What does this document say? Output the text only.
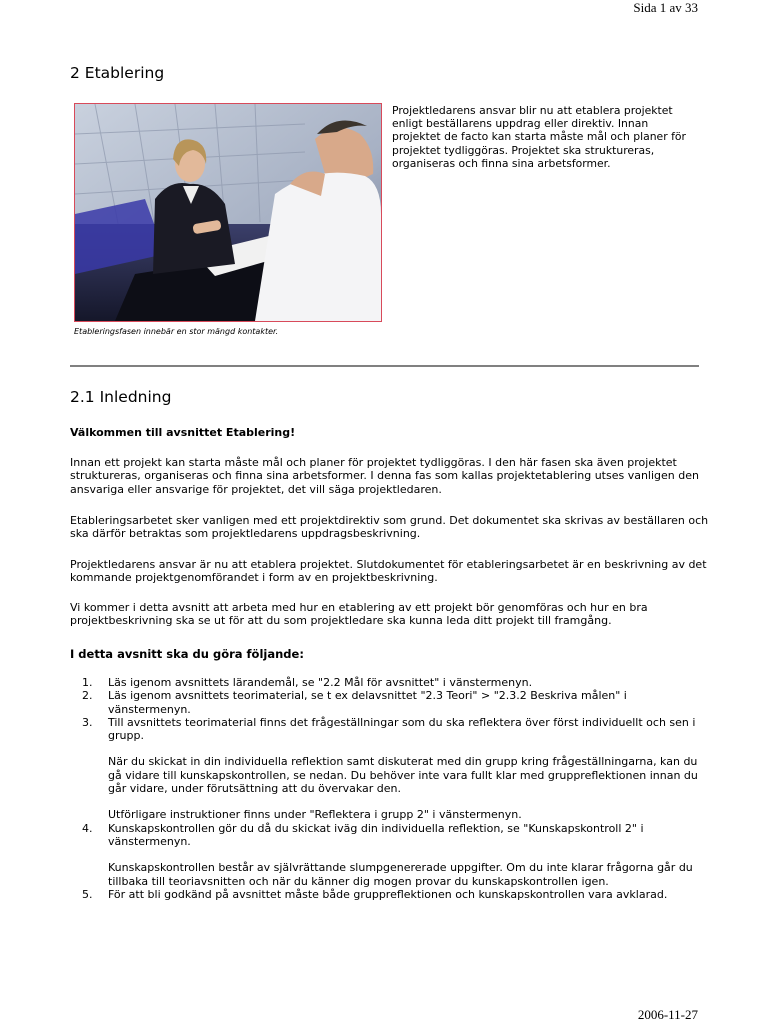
Sida 1 av 33
2 Etablering
Etableringsfasen innebär en stor mängd kontakter.

Projektledarens ansvar blir nu att etablera projektet enligt beställarens uppdrag eller direktiv. Innan projektet de facto kan starta måste mål och planer för projektet tydliggöras. Projektet ska struktureras, organiseras och finna sina arbetsformer.

2.1 Inledning

Välkommen till avsnittet Etablering!

Innan ett projekt kan starta måste mål och planer för projektet tydliggöras. I den här fasen ska även projektet struktureras, organiseras och finna sina arbetsformer. I denna fas som kallas projektetablering utses vanligen den ansvariga eller ansvarige för projektet, det vill säga projektledaren.

Etableringsarbetet sker vanligen med ett projektdirektiv som grund. Det dokumentet ska skrivas av beställaren och ska därför betraktas som projektledarens uppdragsbeskrivning.

Projektledarens ansvar är nu att etablera projektet. Slutdokumentet för etableringsarbetet är en beskrivning av det kommande projektgenomförandet i form av en projektbeskrivning.

Vi kommer i detta avsnitt att arbeta med hur en etablering av ett projekt bör genomföras och hur en bra projektbeskrivning ska se ut för att du som projektledare ska kunna leda ditt projekt till framgång.

I detta avsnitt ska du göra följande:

1. Läs igenom avsnittets lärandemål, se "2.2 Mål för avsnittet" i vänstermenyn.

2. Läs igenom avsnittets teorimaterial, se t ex delavsnittet "2.3 Teori" > "2.3.2 Beskriva målen" i vänstermenyn.

3. Till avsnittets teorimaterial finns det frågeställningar som du ska reflektera över först individuellt och sen i grupp.

När du skickat in din individuella reflektion samt diskuterat med din grupp kring frågeställningarna, kan du gå vidare till kunskapskontrollen, se nedan. Du behöver inte vara fullt klar med gruppreflektionen innan du går vidare, under förutsättning att du övervakar den.

Utförligare instruktioner finns under "Reflektera i grupp 2" i vänstermenyn.

4. Kunskapskontrollen gör du då du skickat iväg din individuella reflektion, se "Kunskapskontroll 2" i vänstermenyn.

Kunskapskontrollen består av självrättande slumpgenererade uppgifter. Om du inte klarar frågorna går du tillbaka till teoriavsnitten och när du känner dig mogen provar du kunskapskontrollen igen.

5. För att bli godkänd på avsnittet måste både gruppreflektionen och kunskapskontrollen vara avklarad.

2006-11-27
